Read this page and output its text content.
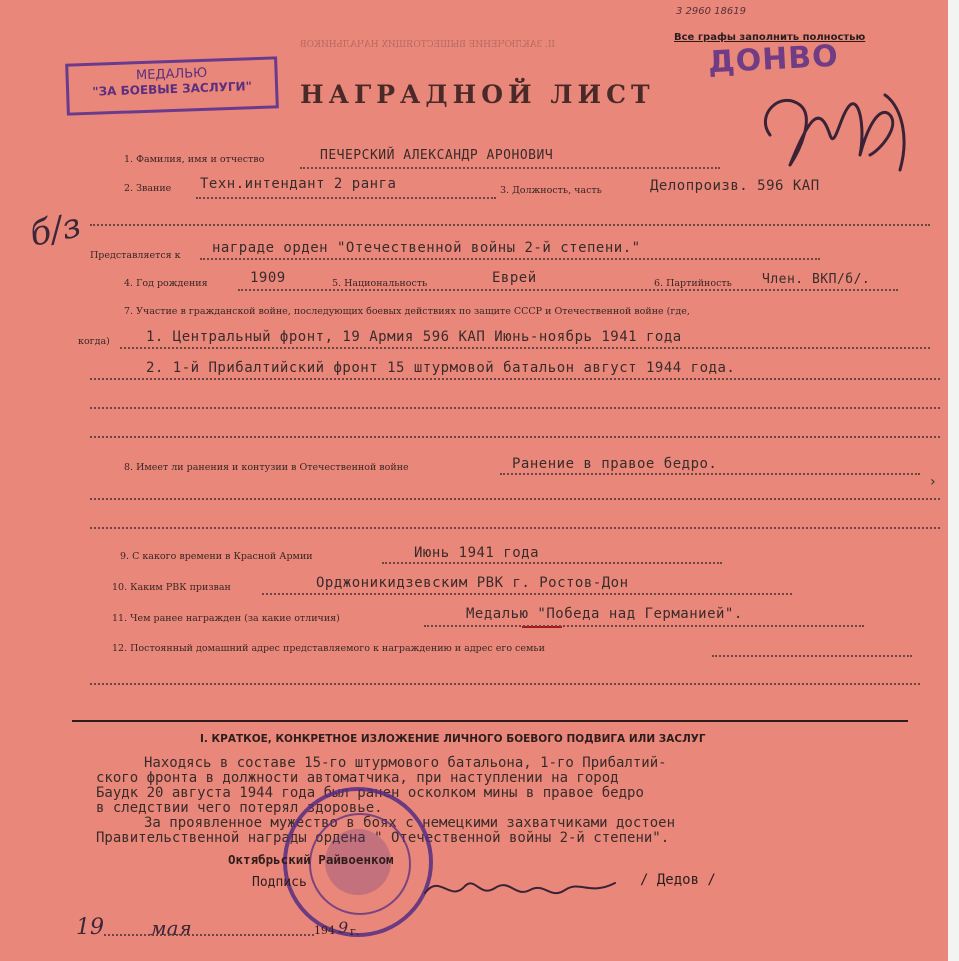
II. ЗАКЛЮЧЕНИЕ ВЫШЕСТОЯЩИХ НАЧАЛЬНИКОВ
3 2960 18619
Все графы заполнить полностью
ДОНВО
МЕДАЛЬЮ
"ЗА БОЕВЫЕ ЗАСЛУГИ"	НАГРАДНОЙ ЛИСТ
б/з
1. Фамилия, имя и отчество	ПЕЧЕРСКИЙ АЛЕКСАНДР АРОНОВИЧ
2. Звание Техн.интендант 2 ранга	3. Должность, часть	Делопроизв. 596 КАП
Представляется к награде орден "Отечественной войны 2-й степени."
4. Год рождения	1909	5. Национальность	Еврей	6. Партийность Член. ВКП/б/.
7. Участие в гражданской войне, последующих боевых действиях по защите СССР и Отечественной войне (где,
когда)	1. Центральный фронт, 19 Армия 596 КАП Июнь-ноябрь 1941 года
2. 1-й Прибалтийский фронт 15 штурмовой батальон август 1944 года.
8. Имеет ли ранения и контузии в Отечественной войне	Ранение в правое бедро.
9. С какого времени в Красной Армии	Июнь 1941 года
10. Каким РВК призван	Орджоникидзевским РВК г. Ростов-Дон
11. Чем ранее награжден (за какие отличия)	Медалью "Победа над Германией".
12. Постоянный домашний адрес представляемого к награждению и адрес его семьи
I. КРАТКОЕ, КОНКРЕТНОЕ ИЗЛОЖЕНИЕ ЛИЧНОГО БОЕВОГО ПОДВИГА ИЛИ ЗАСЛУГ
Находясь в составе 15-го штурмового батальона, 1-го Прибалтий-
ского фронта в должности автоматчика, при наступлении на город
Баудк 20 августа 1944 года был ранен осколком мины в правое бедро
в следствии чего потерял здоровье.
За проявленное мужество в боях с немецкими захватчиками достоен
Правительственной награды ордена " Отечественной войны 2-й степени".
Октябрьский Райвоенком
Подпись	/ Дедов /
19 мая	194 9 г.
›
